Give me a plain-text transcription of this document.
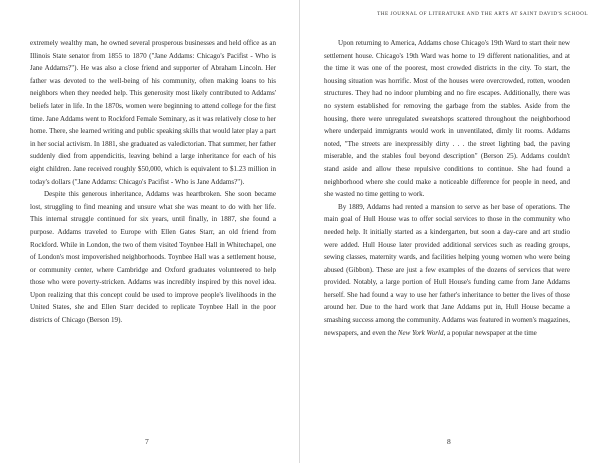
extremely wealthy man, he owned several prosperous businesses and held office as an Illinois State senator from 1855 to 1870 ("Jane Addams: Chicago's Pacifist - Who is Jane Addams?"). He was also a close friend and supporter of Abraham Lincoln. Her father was devoted to the well-being of his community, often making loans to his neighbors when they needed help. This generosity most likely contributed to Addams' beliefs later in life. In the 1870s, women were beginning to attend college for the first time. Jane Addams went to Rockford Female Seminary, as it was relatively close to her home. There, she learned writing and public speaking skills that would later play a part in her social activism. In 1881, she graduated as valedictorian. That summer, her father suddenly died from appendicitis, leaving behind a large inheritance for each of his eight children. Jane received roughly $50,000, which is equivalent to $1.23 million in today's dollars ("Jane Addams: Chicago's Pacifist - Who is Jane Addams?").

Despite this generous inheritance, Addams was heartbroken. She soon became lost, struggling to find meaning and unsure what she was meant to do with her life. This internal struggle continued for six years, until finally, in 1887, she found a purpose. Addams traveled to Europe with Ellen Gates Starr, an old friend from Rockford. While in London, the two of them visited Toynbee Hall in Whitechapel, one of London's most impoverished neighborhoods. Toynbee Hall was a settlement house, or community center, where Cambridge and Oxford graduates volunteered to help those who were poverty-stricken. Addams was incredibly inspired by this novel idea. Upon realizing that this concept could be used to improve people's livelihoods in the United States, she and Ellen Starr decided to replicate Toynbee Hall in the poor districts of Chicago (Berson 19).

7
THE JOURNAL OF LITERATURE AND THE ARTS AT SAINT DAVID'S SCHOOL

Upon returning to America, Addams chose Chicago's 19th Ward to start their new settlement house. Chicago's 19th Ward was home to 19 different nationalities, and at the time it was one of the poorest, most crowded districts in the city. To start, the housing situation was horrific. Most of the houses were overcrowded, rotten, wooden structures. They had no indoor plumbing and no fire escapes. Additionally, there was no system established for removing the garbage from the stables. Aside from the housing, there were unregulated sweatshops scattered throughout the neighborhood where underpaid immigrants would work in unventilated, dimly lit rooms. Addams noted, "The streets are inexpressibly dirty . . . the street lighting bad, the paving miserable, and the stables foul beyond description" (Berson 25). Addams couldn't stand aside and allow these repulsive conditions to continue. She had found a neighborhood where she could make a noticeable difference for people in need, and she wasted no time getting to work.

By 1889, Addams had rented a mansion to serve as her base of operations. The main goal of Hull House was to offer social services to those in the community who needed help. It initially started as a kindergarten, but soon a day-care and art studio were added. Hull House later provided additional services such as reading groups, sewing classes, maternity wards, and facilities helping young women who were being abused (Gibbon). These are just a few examples of the dozens of services that were provided. Notably, a large portion of Hull House's funding came from Jane Addams herself. She had found a way to use her father's inheritance to better the lives of those around her. Due to the hard work that Jane Addams put in, Hull House became a smashing success among the community. Addams was featured in women's magazines, newspapers, and even the New York World, a popular newspaper at the time

8
